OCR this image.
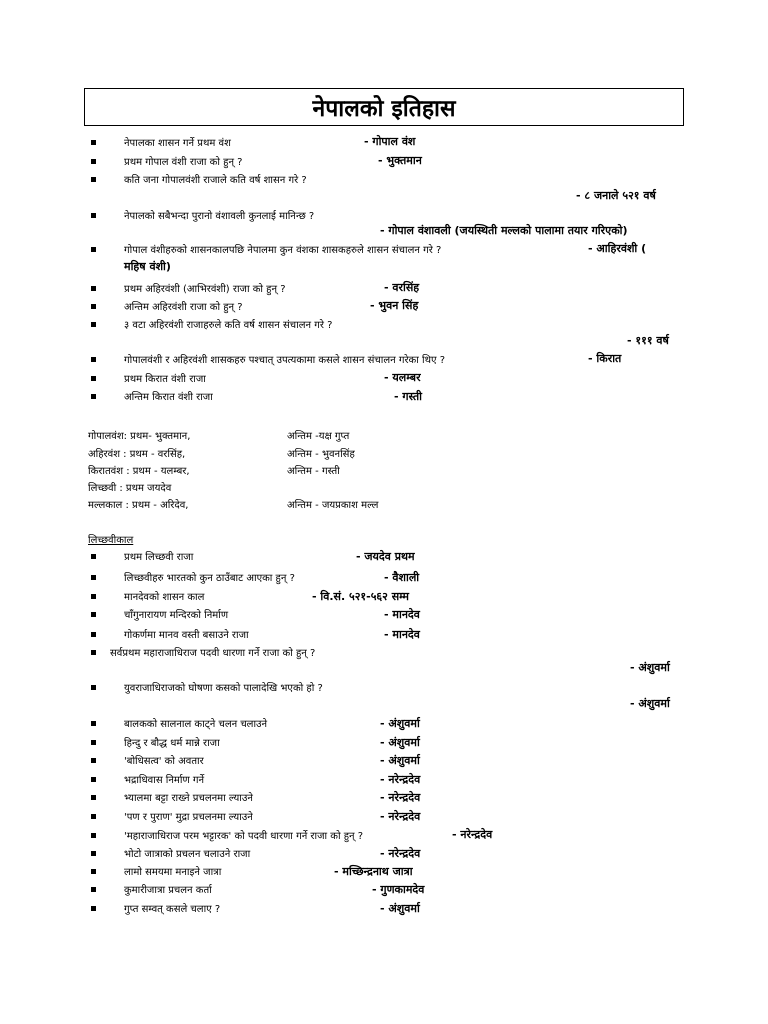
नेपालको इतिहास
नेपालका शासन गर्ने प्रथम वंश	- गोपाल वंश
प्रथम गोपाल वंशी राजा को हुन् ?	- भुक्तमान
कति जना गोपालवंशी राजाले कति वर्ष शासन गरे ?
- ८ जनाले ५२१ वर्ष
नेपालको सबैभन्दा पुरानो वंशावली कुनलाई मानिन्छ ?
- गोपाल वंशावली (जयस्थिती मल्लको पालामा तयार गरिएको)
गोपाल वंशीहरुको शासनकालपछि नेपालमा कुन वंशका शासकहरुले शासन संचालन गरे ?	- आहिरवंशी (
महिष वंशी)
प्रथम अहिरवंशी (आभिरवंशी) राजा को हुन् ?	- वरसिंह
अन्तिम अहिरवंशी राजा को हुन् ?	- भुवन सिंह
३ वटा अहिरवंशी राजाहरुले कति वर्ष शासन संचालन गरे ?
- १११ वर्ष
गोपालवंशी र अहिरवंशी शासकहरु पश्चात् उपत्यकामा कसले शासन संचालन गरेका थिए ?	- किरात
प्रथम किरात वंशी राजा	- यलम्बर
अन्तिम किरात वंशी राजा	- गस्ती
गोपालवंश: प्रथम- भुक्तमान,	अन्तिम -यक्ष गुप्त
अहिरवंश : प्रथम - वरसिंह,	अन्तिम - भुवनसिंह
किरातवंश : प्रथम - यलम्बर,	अन्तिम - गस्ती
लिच्छवी : प्रथम जयदेव
मल्लकाल : प्रथम - अरिदेव,	अन्तिम - जयप्रकाश मल्ल
लिच्छवीकाल
प्रथम लिच्छवी राजा	- जयदेव प्रथम
लिच्छवीहरु भारतको कुन ठाउँबाट आएका हुन् ?	- वैशाली
मानदेवको शासन काल	- वि.सं. ५२१-५६२ सम्म
चाँगुनारायण मन्दिरको निर्माण	- मानदेव
गोकर्णमा मानव वस्ती बसाउने राजा	- मानदेव
सर्वप्रथम महाराजाधिराज पदवी धारणा गर्ने राजा को हुन् ?
- अंशुवर्मा
युवराजाधिराजको घोषणा कसको पालादेखि भएको हो ?
- अंशुवर्मा
बालकको सालनाल काट्ने चलन चलाउने	- अंशुवर्मा
हिन्दु र बौद्ध धर्म मान्ने राजा	- अंशुवर्मा
'बोधिसत्व' को अवतार	- अंशुवर्मा
भद्राधिवास निर्माण गर्ने	- नरेन्द्रदेव
भ्यालमा बट्टा राख्ने प्रचलनमा ल्याउने	- नरेन्द्रदेव
'पण र पुराण' मुद्रा प्रचलनमा ल्याउने	- नरेन्द्रदेव
'महाराजाधिराज परम भट्टारक' को पदवी धारणा गर्ने राजा को हुन् ?	- नरेन्द्रदेव
भोटो जात्राको प्रचलन चलाउने राजा	- नरेन्द्रदेव
लामो समयमा मनाइने जात्रा	- मच्छिन्द्रनाथ जात्रा
कुमारीजात्रा प्रचलन कर्ता	- गुणकामदेव
गुप्त सम्वत् कसले चलाए ?	- अंशुवर्मा
